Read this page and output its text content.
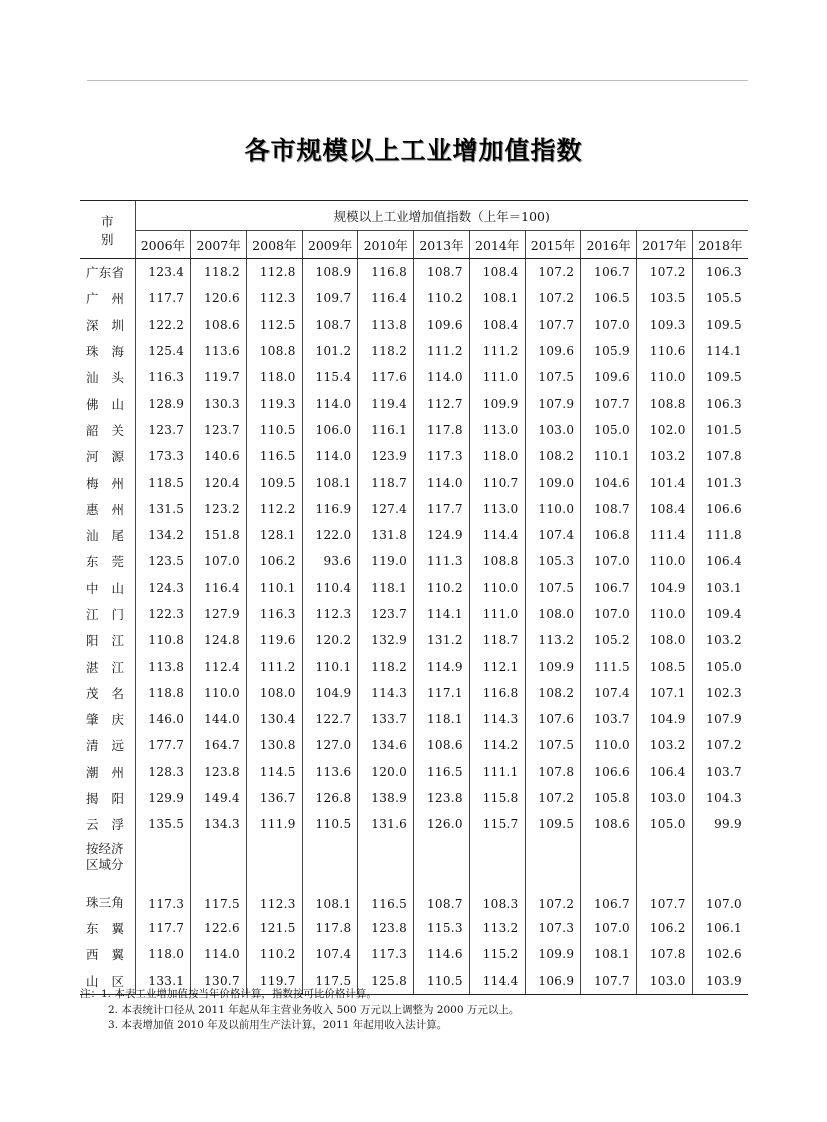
各市规模以上工业增加值指数
市 别	规模以上工业增加值指数（上年＝100)										
	2006年	2007年	2008年	2009年	2010年	2013年	2014年	2015年	2016年	2017年	2018年
广东省	123.4	118.2	112.8	108.9	116.8	108.7	108.4	107.2	106.7	107.2	106.3
广州	117.7	120.6	112.3	109.7	116.4	110.2	108.1	107.2	106.5	103.5	105.5
深圳	122.2	108.6	112.5	108.7	113.8	109.6	108.4	107.7	107.0	109.3	109.5
珠海	125.4	113.6	108.8	101.2	118.2	111.2	111.2	109.6	105.9	110.6	114.1
汕头	116.3	119.7	118.0	115.4	117.6	114.0	111.0	107.5	109.6	110.0	109.5
佛山	128.9	130.3	119.3	114.0	119.4	112.7	109.9	107.9	107.7	108.8	106.3
韶关	123.7	123.7	110.5	106.0	116.1	117.8	113.0	103.0	105.0	102.0	101.5
河源	173.3	140.6	116.5	114.0	123.9	117.3	118.0	108.2	110.1	103.2	107.8
梅州	118.5	120.4	109.5	108.1	118.7	114.0	110.7	109.0	104.6	101.4	101.3
惠州	131.5	123.2	112.2	116.9	127.4	117.7	113.0	110.0	108.7	108.4	106.6
汕尾	134.2	151.8	128.1	122.0	131.8	124.9	114.4	107.4	106.8	111.4	111.8
东莞	123.5	107.0	106.2	93.6	119.0	111.3	108.8	105.3	107.0	110.0	106.4
中山	124.3	116.4	110.1	110.4	118.1	110.2	110.0	107.5	106.7	104.9	103.1
江门	122.3	127.9	116.3	112.3	123.7	114.1	111.0	108.0	107.0	110.0	109.4
阳江	110.8	124.8	119.6	120.2	132.9	131.2	118.7	113.2	105.2	108.0	103.2
湛江	113.8	112.4	111.2	110.1	118.2	114.9	112.1	109.9	111.5	108.5	105.0
茂名	118.8	110.0	108.0	104.9	114.3	117.1	116.8	108.2	107.4	107.1	102.3
肇庆	146.0	144.0	130.4	122.7	133.7	118.1	114.3	107.6	103.7	104.9	107.9
清远	177.7	164.7	130.8	127.0	134.6	108.6	114.2	107.5	110.0	103.2	107.2
潮州	128.3	123.8	114.5	113.6	120.0	116.5	111.1	107.8	106.6	106.4	103.7
揭阳	129.9	149.4	136.7	126.8	138.9	123.8	115.8	107.2	105.8	103.0	104.3
云浮	135.5	134.3	111.9	110.5	131.6	126.0	115.7	109.5	108.6	105.0	99.9

按经济区域分											

珠三角	117.3	117.5	112.3	108.1	116.5	108.7	108.3	107.2	106.7	107.7	107.0
东翼	117.7	122.6	121.5	117.8	123.8	115.3	113.2	107.3	107.0	106.2	106.1
西翼	118.0	114.0	110.2	107.4	117.3	114.6	115.2	109.9	108.1	107.8	102.6
山区	133.1	130.7	119.7	117.5	125.8	110.5	114.4	106.9	107.7	103.0	103.9
注：1. 本表工业增加值按当年价格计算，指数按可比价格计算。
2. 本表统计口径从 2011 年起从年主营业务收入 500 万元以上调整为 2000 万元以上。
3. 本表增加值 2010 年及以前用生产法计算，2011 年起用收入法计算。
